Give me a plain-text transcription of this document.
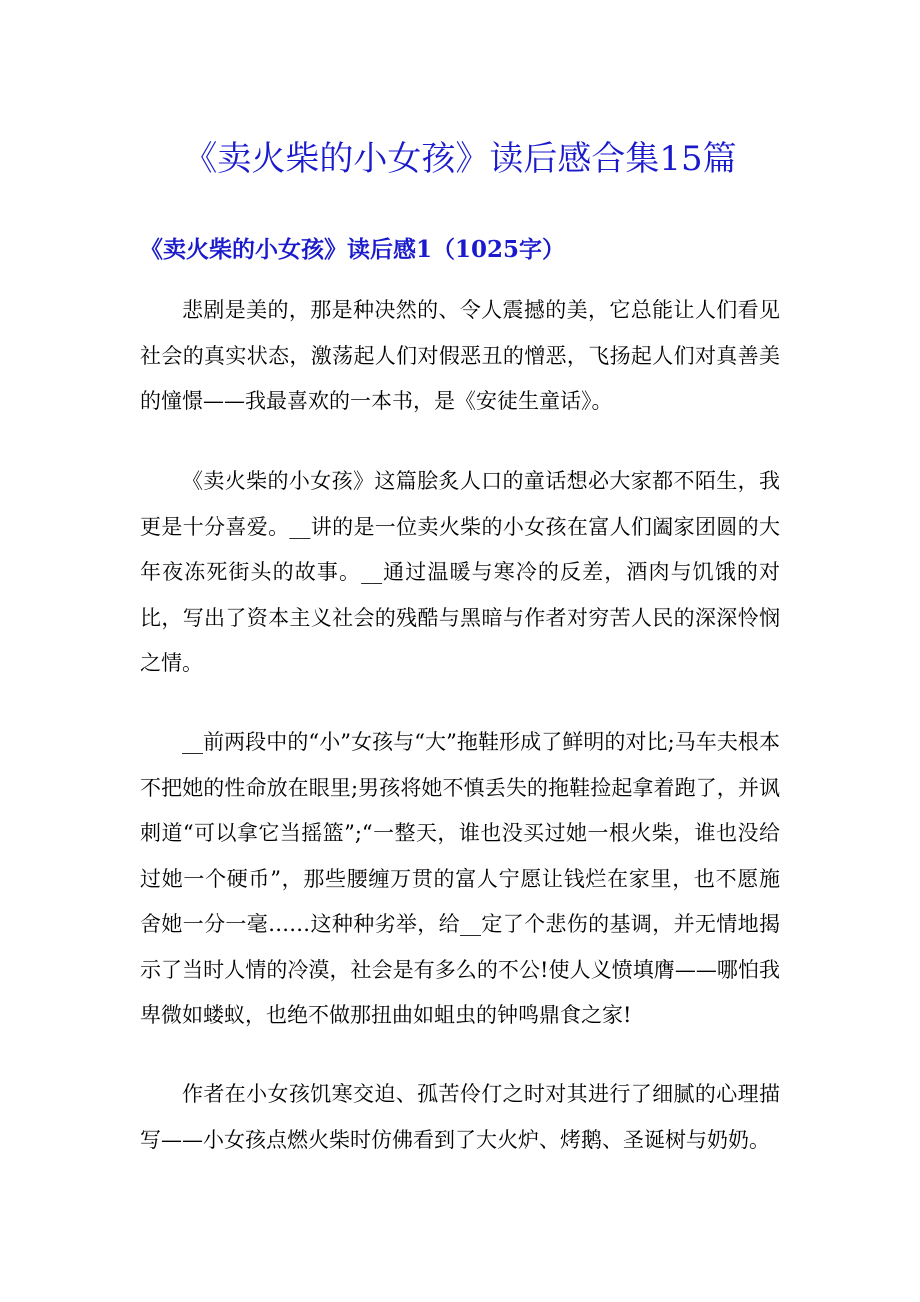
《卖火柴的小女孩》读后感合集15篇
《卖火柴的小女孩》读后感1（1025字）

悲剧是美的，那是种决然的、令人震撼的美，它总能让人们看见社会的真实状态，激荡起人们对假恶丑的憎恶，飞扬起人们对真善美的憧憬——我最喜欢的一本书，是《安徒生童话》。

《卖火柴的小女孩》这篇脍炙人口的童话想必大家都不陌生，我更是十分喜爱。__讲的是一位卖火柴的小女孩在富人们阖家团圆的大年夜冻死街头的故事。__通过温暖与寒冷的反差，酒肉与饥饿的对比，写出了资本主义社会的残酷与黑暗与作者对穷苦人民的深深怜悯之情。

__前两段中的“小”女孩与“大”拖鞋形成了鲜明的对比;马车夫根本不把她的性命放在眼里;男孩将她不慎丢失的拖鞋捡起拿着跑了，并讽刺道“可以拿它当摇篮”;“一整天，谁也没买过她一根火柴，谁也没给过她一个硬币”，那些腰缠万贯的富人宁愿让钱烂在家里，也不愿施舍她一分一毫……这种种劣举，给__定了个悲伤的基调，并无情地揭示了当时人情的冷漠，社会是有多么的不公!使人义愤填膺——哪怕我卑微如蝼蚁，也绝不做那扭曲如蛆虫的钟鸣鼎食之家!

作者在小女孩饥寒交迫、孤苦伶仃之时对其进行了细腻的心理描写——小女孩点燃火柴时仿佛看到了大火炉、烤鹅、圣诞树与奶奶。
